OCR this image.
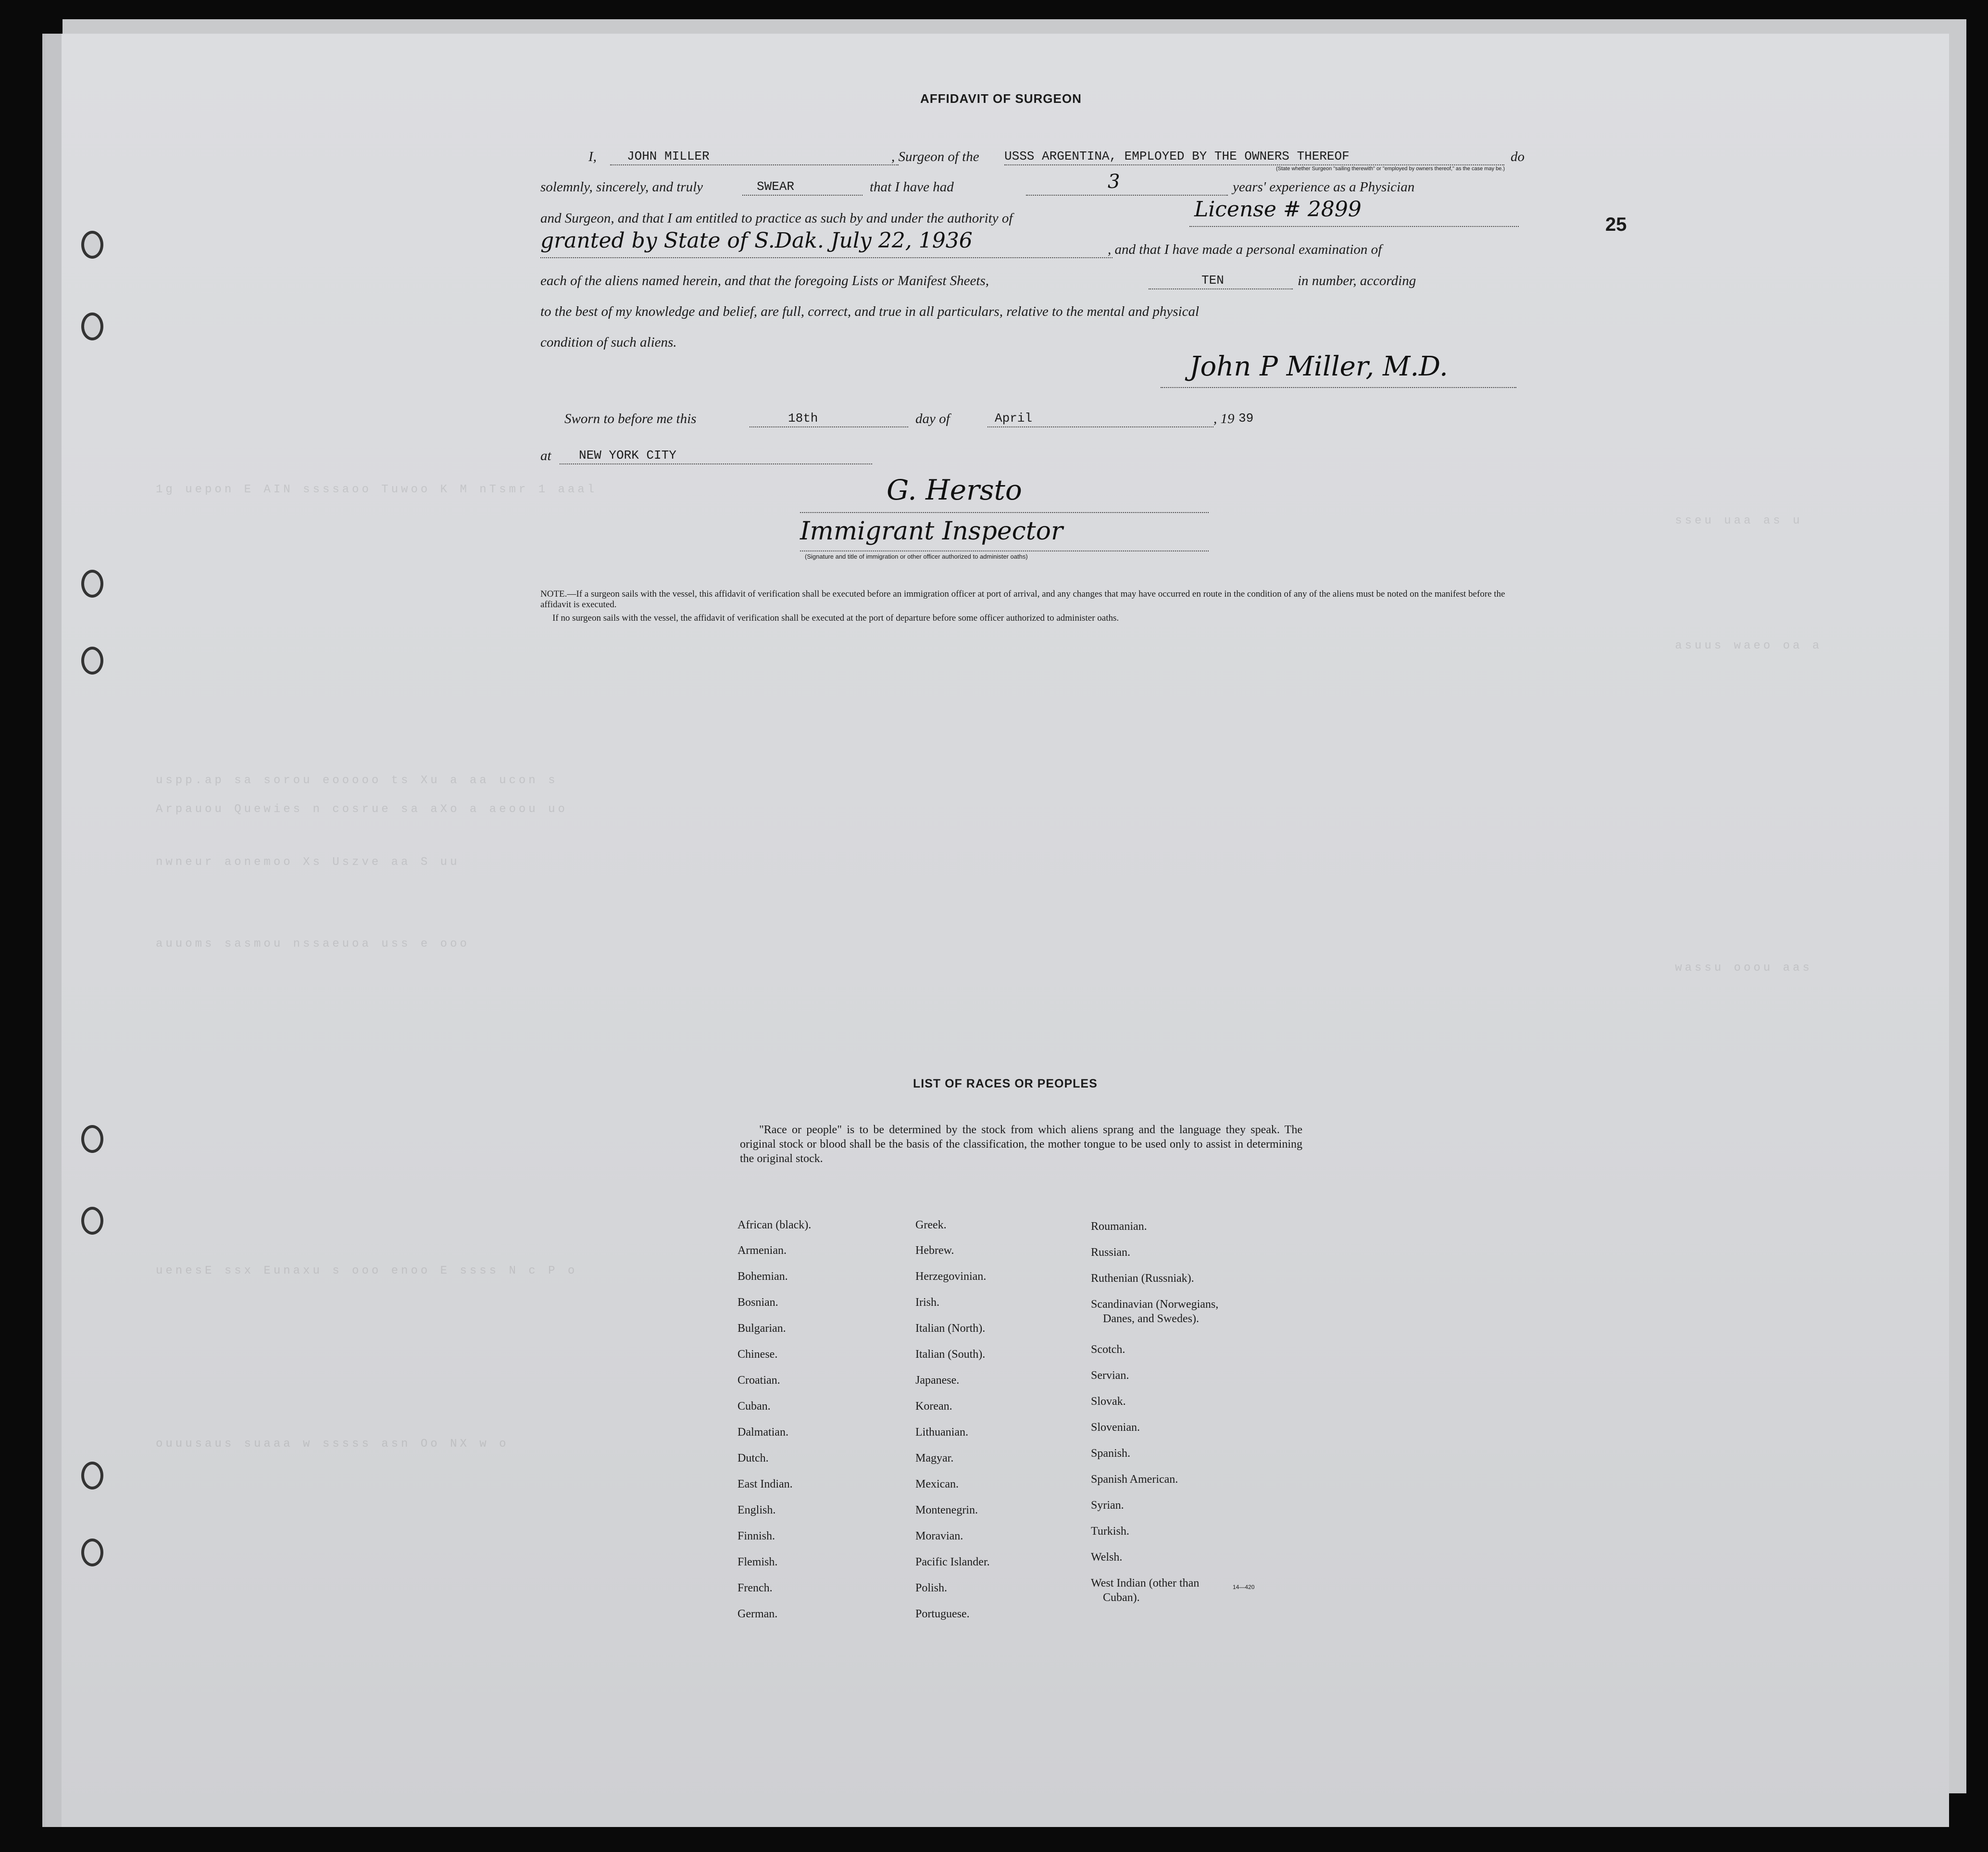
1g uepon E AIN ssssaoo Tuwoo K M nTsmr 1 aaal
uspp.ap sa sorou eooooo ts Xu a aa ucon s
Arpauou Quewies n cosrue sa aXo a aeoou uo
nwneur aonemoo Xs Uszve aa S uu
auuoms sasmou nssaeuoa uss e ooo
uenesE ssx Eunaxu s ooo enoo E ssss N c P o
ouuusaus suaaa w sssss asn Oo NX w o
sseu uaa as u
asuus waeo oa a
wassu ooou aas
25
AFFIDAVIT OF SURGEON
I, JOHN MILLER	, Surgeon of the USSS ARGENTINA, EMPLOYED BY THE OWNERS THEREOF	do
(State whether Surgeon "sailing therewith" or "employed by owners thereof," as the case may be.)
solemnly, sincerely, and truly	SWEAR	that I have had	3	years' experience as a Physician
and Surgeon, and that I am entitled to practice as such by and under the authority of	License # 2899
granted by State of S.Dak. July 22, 1936	, and that I have made a personal examination of
each of the aliens named herein, and that the foregoing Lists or Manifest Sheets,	TEN	in number, according
to the best of my knowledge and belief, are full, correct, and true in all particulars, relative to the mental and physical
condition of such aliens.
John P Miller, M.D.
Sworn to before me this	18th	day of	April	, 19 39
at NEW YORK CITY
G. Hersto
Immigrant Inspector
(Signature and title of immigration or other officer authorized to administer oaths)
NOTE.—If a surgeon sails with the vessel, this affidavit of verification shall be executed before an immigration officer at port of arrival, and any changes that may have occurred en route in the condition of any of the aliens must be noted on the manifest before the affidavit is executed.
If no surgeon sails with the vessel, the affidavit of verification shall be executed at the port of departure before some officer authorized to administer oaths.
LIST OF RACES OR PEOPLES
"Race or people" is to be determined by the stock from which aliens sprang and the language they speak. The original stock or blood shall be the basis of the classification, the mother tongue to be used only to assist in determining the original stock.
African (black).
Armenian.
Bohemian.
Bosnian.
Bulgarian.
Chinese.
Croatian.
Cuban.
Dalmatian.
Dutch.
East Indian.
English.
Finnish.
Flemish.
French.
German.
Greek.
Hebrew.
Herzegovinian.
Irish.
Italian (North).
Italian (South).
Japanese.
Korean.
Lithuanian.
Magyar.
Mexican.
Montenegrin.
Moravian.
Pacific Islander.
Polish.
Portuguese.
Roumanian.
Russian.
Ruthenian (Russniak).
Scandinavian (Norwegians,
Danes, and Swedes).
Scotch.
Servian.
Slovak.
Slovenian.
Spanish.
Spanish American.
Syrian.
Turkish.
Welsh.
West Indian (other than
Cuban).
14—420
